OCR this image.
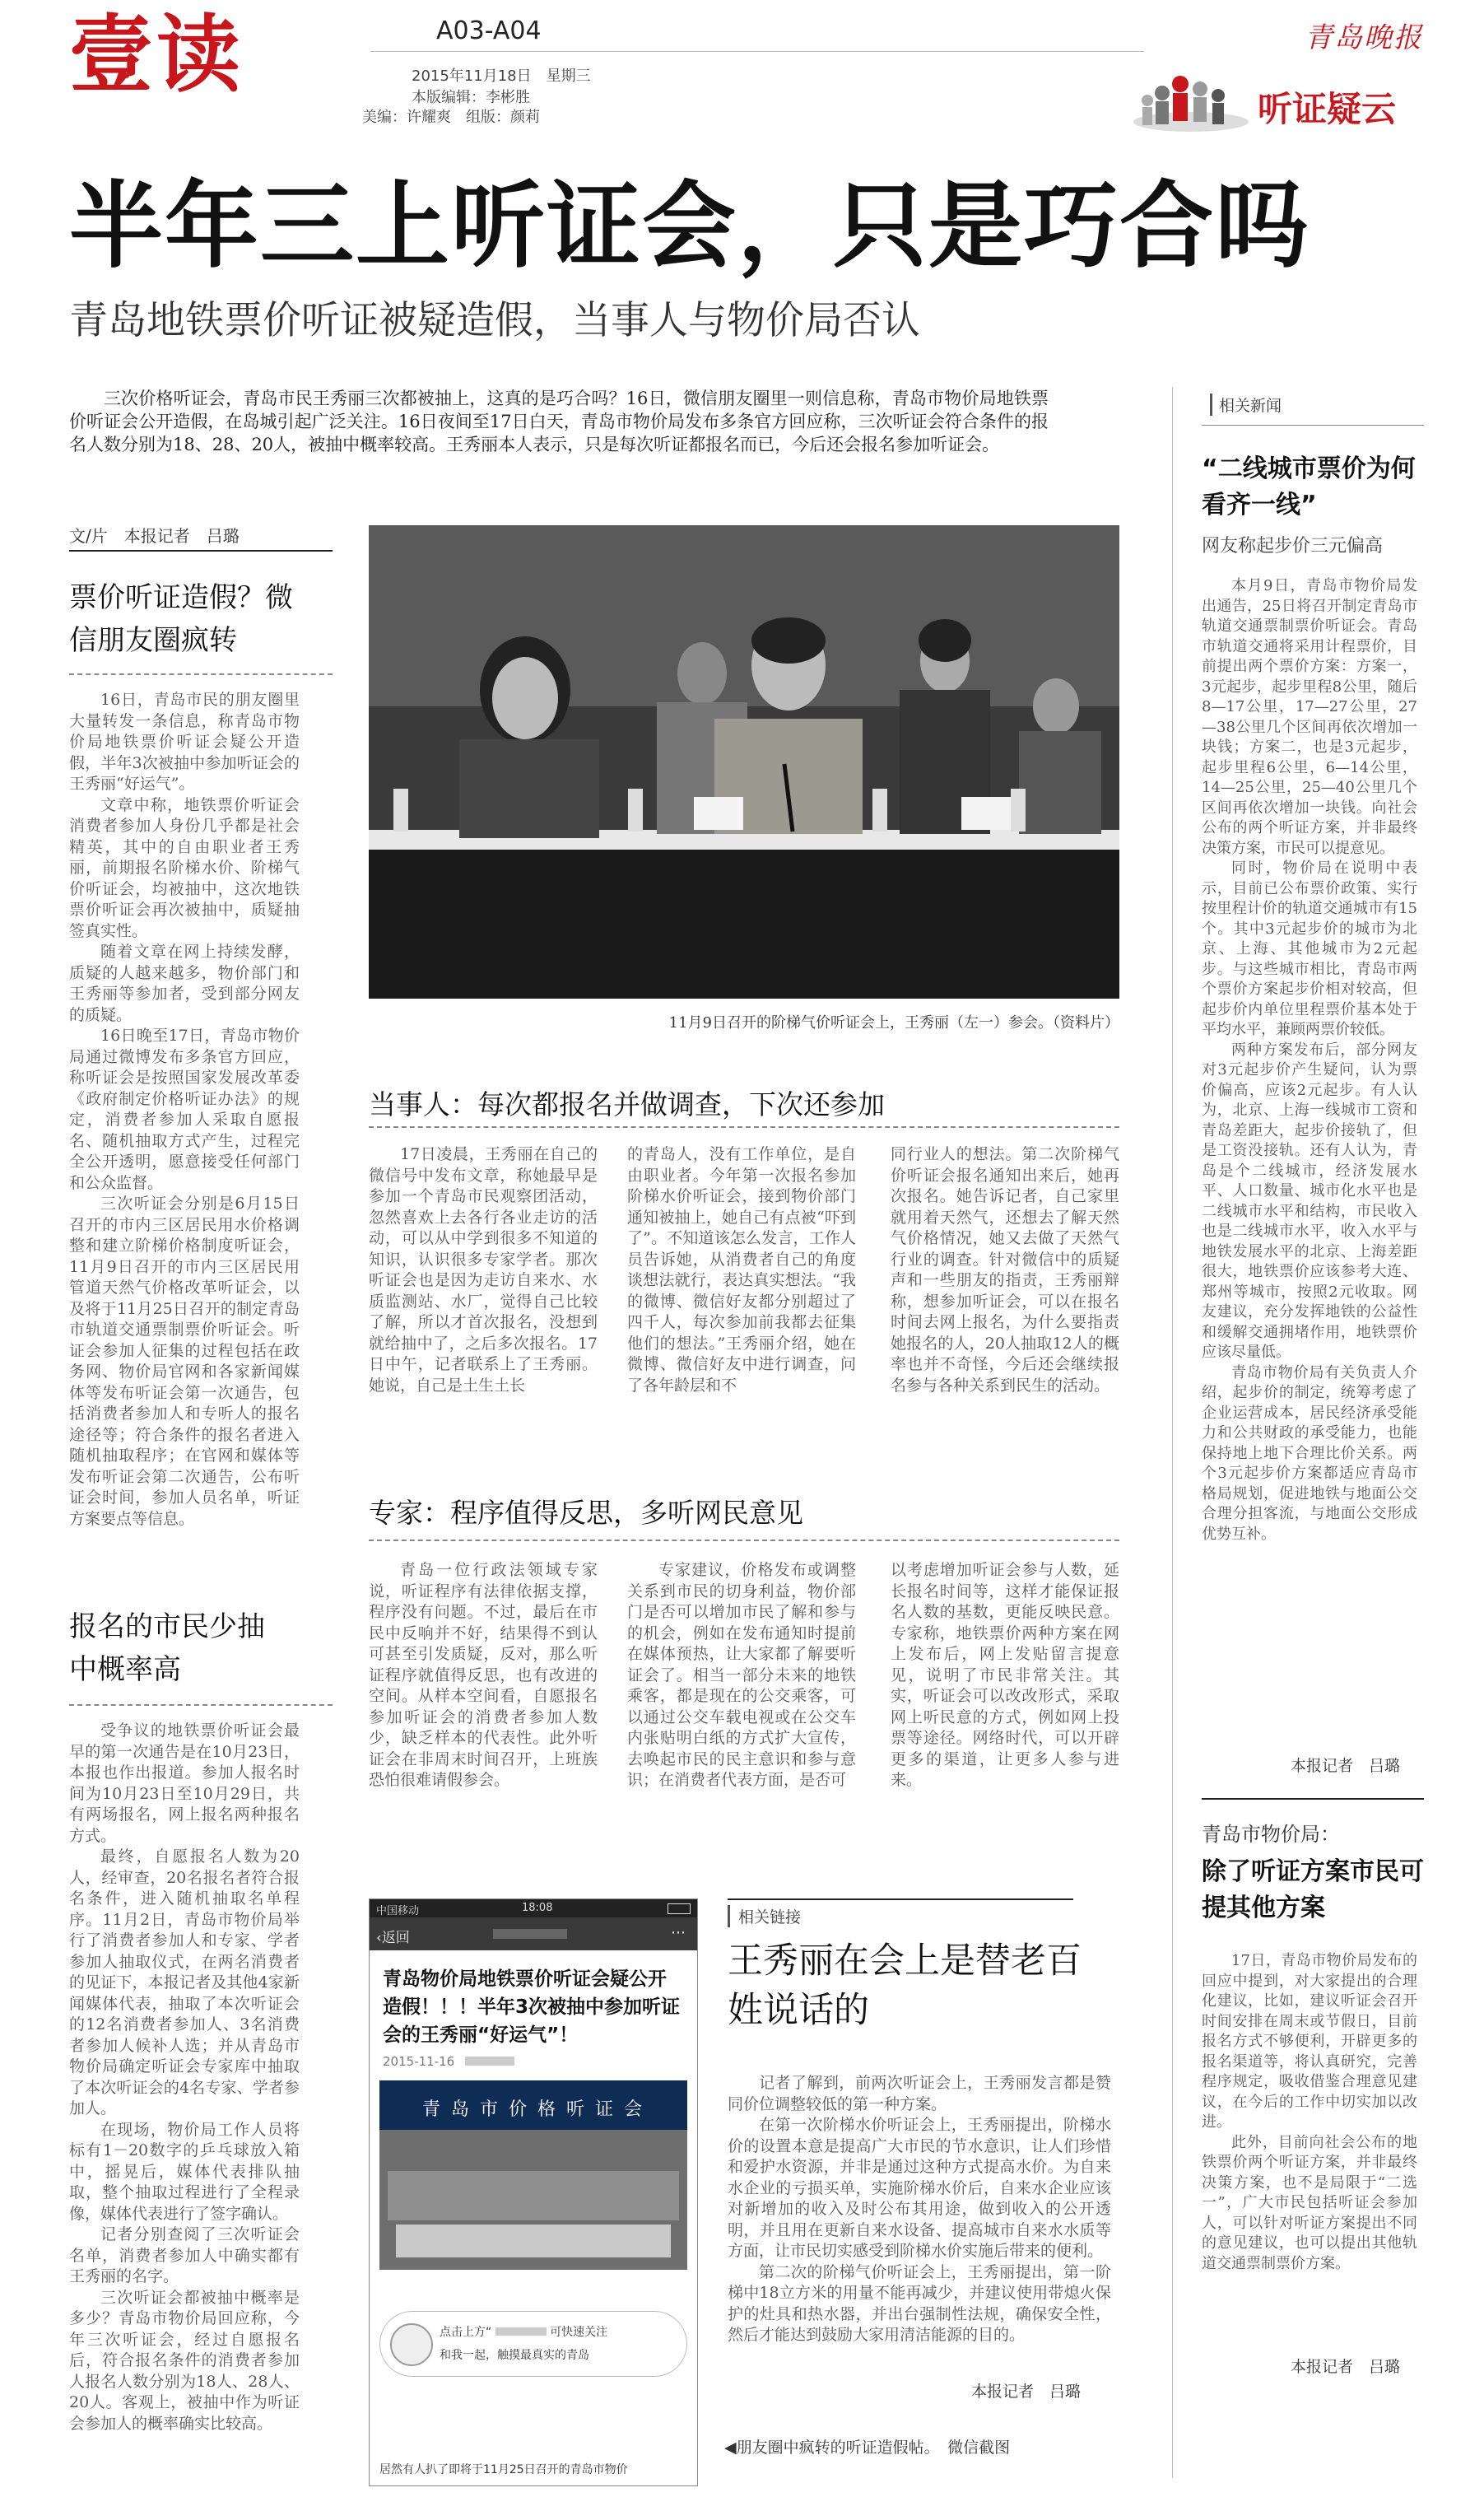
壹读	A03-A04
2015年11月18日　星期三
本版编辑：李彬胜
美编：许耀爽　组版：颜莉
青岛晚报
听证疑云
半年三上听证会，只是巧合吗
青岛地铁票价听证被疑造假，当事人与物价局否认

三次价格听证会，青岛市民王秀丽三次都被抽上，这真的是巧合吗？16日，微信朋友圈里一则信息称，青岛市物价局地铁票价听证会公开造假，在岛城引起广泛关注。16日夜间至17日白天，青岛市物价局发布多条官方回应称，三次听证会符合条件的报名人数分别为18、28、20人，被抽中概率较高。王秀丽本人表示，只是每次听证都报名而已，今后还会报名参加听证会。

文/片　本报记者　吕璐
票价听证造假？微信朋友圈疯转

16日，青岛市民的朋友圈里大量转发一条信息，称青岛市物价局地铁票价听证会疑公开造假，半年3次被抽中参加听证会的王秀丽“好运气”。

文章中称，地铁票价听证会消费者参加人身份几乎都是社会精英，其中的自由职业者王秀丽，前期报名阶梯水价、阶梯气价听证会，均被抽中，这次地铁票价听证会再次被抽中，质疑抽签真实性。

随着文章在网上持续发酵，质疑的人越来越多，物价部门和王秀丽等参加者，受到部分网友的质疑。

16日晚至17日，青岛市物价局通过微博发布多条官方回应，称听证会是按照国家发展改革委《政府制定价格听证办法》的规定，消费者参加人采取自愿报名、随机抽取方式产生，过程完全公开透明，愿意接受任何部门和公众监督。

三次听证会分别是6月15日召开的市内三区居民用水价格调整和建立阶梯价格制度听证会，11月9日召开的市内三区居民用管道天然气价格改革听证会，以及将于11月25日召开的制定青岛市轨道交通票制票价听证会。听证会参加人征集的过程包括在政务网、物价局官网和各家新闻媒体等发布听证会第一次通告，包括消费者参加人和专听人的报名途径等；符合条件的报名者进入随机抽取程序；在官网和媒体等发布听证会第二次通告，公布听证会时间，参加人员名单，听证方案要点等信息。

报名的市民少抽中概率高

受争议的地铁票价听证会最早的第一次通告是在10月23日，本报也作出报道。参加人报名时间为10月23日至10月29日，共有两场报名，网上报名两种报名方式。

最终，自愿报名人数为20人，经审查，20名报名者符合报名条件，进入随机抽取名单程序。11月2日，青岛市物价局举行了消费者参加人和专家、学者参加人抽取仪式，在两名消费者的见证下，本报记者及其他4家新闻媒体代表，抽取了本次听证会的12名消费者参加人、3名消费者参加人候补人选；并从青岛市物价局确定听证会专家库中抽取了本次听证会的4名专家、学者参加人。

在现场，物价局工作人员将标有1－20数字的乒乓球放入箱中，摇晃后，媒体代表排队抽取，整个抽取过程进行了全程录像，媒体代表进行了签字确认。

记者分别查阅了三次听证会名单，消费者参加人中确实都有王秀丽的名字。

三次听证会都被抽中概率是多少？青岛市物价局回应称，今年三次听证会，经过自愿报名后，符合报名条件的消费者参加人报名人数分别为18人、28人、20人。客观上，被抽中作为听证会参加人的概率确实比较高。

11月9日召开的阶梯气价听证会上，王秀丽（左一）参会。（资料片）
当事人：每次都报名并做调查，下次还参加

17日凌晨，王秀丽在自己的微信号中发布文章，称她最早是参加一个青岛市民观察团活动，忽然喜欢上去各行各业走访的活动，可以从中学到很多不知道的知识，认识很多专家学者。那次听证会也是因为走访自来水、水质监测站、水厂，觉得自己比较了解，所以才首次报名，没想到就给抽中了，之后多次报名。17日中午，记者联系上了王秀丽。她说，自己是土生土长

的青岛人，没有工作单位，是自由职业者。今年第一次报名参加阶梯水价听证会，接到物价部门通知被抽上，她自己有点被“吓到了”。不知道该怎么发言，工作人员告诉她，从消费者自己的角度谈想法就行，表达真实想法。“我的微博、微信好友都分别超过了四千人，每次参加前我都去征集他们的想法。”王秀丽介绍，她在微博、微信好友中进行调查，问了各年龄层和不

同行业人的想法。第二次阶梯气价听证会报名通知出来后，她再次报名。她告诉记者，自己家里就用着天然气，还想去了解天然气价格情况，她又去做了天然气行业的调查。针对微信中的质疑声和一些朋友的指责，王秀丽辩称，想参加听证会，可以在报名时间去网上报名，为什么要指责她报名的人，20人抽取12人的概率也并不奇怪，今后还会继续报名参与各种关系到民生的活动。

专家：程序值得反思，多听网民意见

青岛一位行政法领域专家说，听证程序有法律依据支撑，程序没有问题。不过，最后在市民中反响并不好，结果得不到认可甚至引发质疑，反对，那么听证程序就值得反思，也有改进的空间。从样本空间看，自愿报名参加听证会的消费者参加人数少，缺乏样本的代表性。此外听证会在非周末时间召开，上班族恐怕很难请假参会。

专家建议，价格发布或调整关系到市民的切身利益，物价部门是否可以增加市民了解和参与的机会，例如在发布通知时提前在媒体预热，让大家都了解要听证会了。相当一部分未来的地铁乘客，都是现在的公交乘客，可以通过公交车载电视或在公交车内张贴明白纸的方式扩大宣传，去唤起市民的民主意识和参与意识；在消费者代表方面，是否可

以考虑增加听证会参与人数，延长报名时间等，这样才能保证报名人数的基数，更能反映民意。专家称，地铁票价两种方案在网上发布后，网上发贴留言提意见，说明了市民非常关注。其实，听证会可以改改形式，采取网上听民意的方式，例如网上投票等途径。网络时代，可以开辟更多的渠道，让更多人参与进来。

中国移动	18:08
‹返回	⋯
青岛物价局地铁票价听证会疑公开造假！！！半年3次被抽中参加听证会的王秀丽“好运气”！
2015-11-16
青 岛 市 价 格 听 证 会
点击上方“	可快速关注
和我一起，触摸最真实的青岛
居然有人扒了即将于11月25日召开的青岛市物价
◀朋友圈中疯转的听证造假帖。　微信截图
相关链接
王秀丽在会上是替老百姓说话的

记者了解到，前两次听证会上，王秀丽发言都是赞同价位调整较低的第一种方案。

在第一次阶梯水价听证会上，王秀丽提出，阶梯水价的设置本意是提高广大市民的节水意识，让人们珍惜和爱护水资源，并非是通过这种方式提高水价。为自来水企业的亏损买单，实施阶梯水价后，自来水企业应该对新增加的收入及时公布其用途，做到收入的公开透明，并且用在更新自来水设备、提高城市自来水水质等方面，让市民切实感受到阶梯水价实施后带来的便利。

第二次的阶梯气价听证会上，王秀丽提出，第一阶梯中18立方米的用量不能再减少，并建议使用带熄火保护的灶具和热水器，并出台强制性法规，确保安全性，然后才能达到鼓励大家用清洁能源的目的。

本报记者　吕璐
相关新闻
“二线城市票价为何看齐一线”
网友称起步价三元偏高

本月9日，青岛市物价局发出通告，25日将召开制定青岛市轨道交通票制票价听证会。青岛市轨道交通将采用计程票价，目前提出两个票价方案：方案一，3元起步，起步里程8公里，随后8—17公里，17—27公里，27—38公里几个区间再依次增加一块钱；方案二，也是3元起步，起步里程6公里，6—14公里，14—25公里，25—40公里几个区间再依次增加一块钱。向社会公布的两个听证方案，并非最终决策方案，市民可以提意见。

同时，物价局在说明中表示，目前已公布票价政策、实行按里程计价的轨道交通城市有15个。其中3元起步价的城市为北京、上海、其他城市为2元起步。与这些城市相比，青岛市两个票价方案起步价相对较高，但起步价内单位里程票价基本处于平均水平，兼顾两票价较低。

两种方案发布后，部分网友对3元起步价产生疑问，认为票价偏高，应该2元起步。有人认为，北京、上海一线城市工资和青岛差距大，起步价接轨了，但是工资没接轨。还有人认为，青岛是个二线城市，经济发展水平、人口数量、城市化水平也是二线城市水平和结构，市民收入也是二线城市水平，收入水平与地铁发展水平的北京、上海差距很大，地铁票价应该参考大连、郑州等城市，按照2元收取。网友建议，充分发挥地铁的公益性和缓解交通拥堵作用，地铁票价应该尽量低。

青岛市物价局有关负责人介绍，起步价的制定，统筹考虑了企业运营成本，居民经济承受能力和公共财政的承受能力，也能保持地上地下合理比价关系。两个3元起步价方案都适应青岛市格局规划，促进地铁与地面公交合理分担客流，与地面公交形成优势互补。

本报记者　吕璐
青岛市物价局：
除了听证方案市民可提其他方案

17日，青岛市物价局发布的回应中提到，对大家提出的合理化建议，比如，建议听证会召开时间安排在周末或节假日，目前报名方式不够便利，开辟更多的报名渠道等，将认真研究，完善程序规定，吸收借鉴合理意见建议，在今后的工作中切实加以改进。

此外，目前向社会公布的地铁票价两个听证方案，并非最终决策方案，也不是局限于“二选一”，广大市民包括听证会参加人，可以针对听证方案提出不同的意见建议，也可以提出其他轨道交通票制票价方案。

本报记者　吕璐
